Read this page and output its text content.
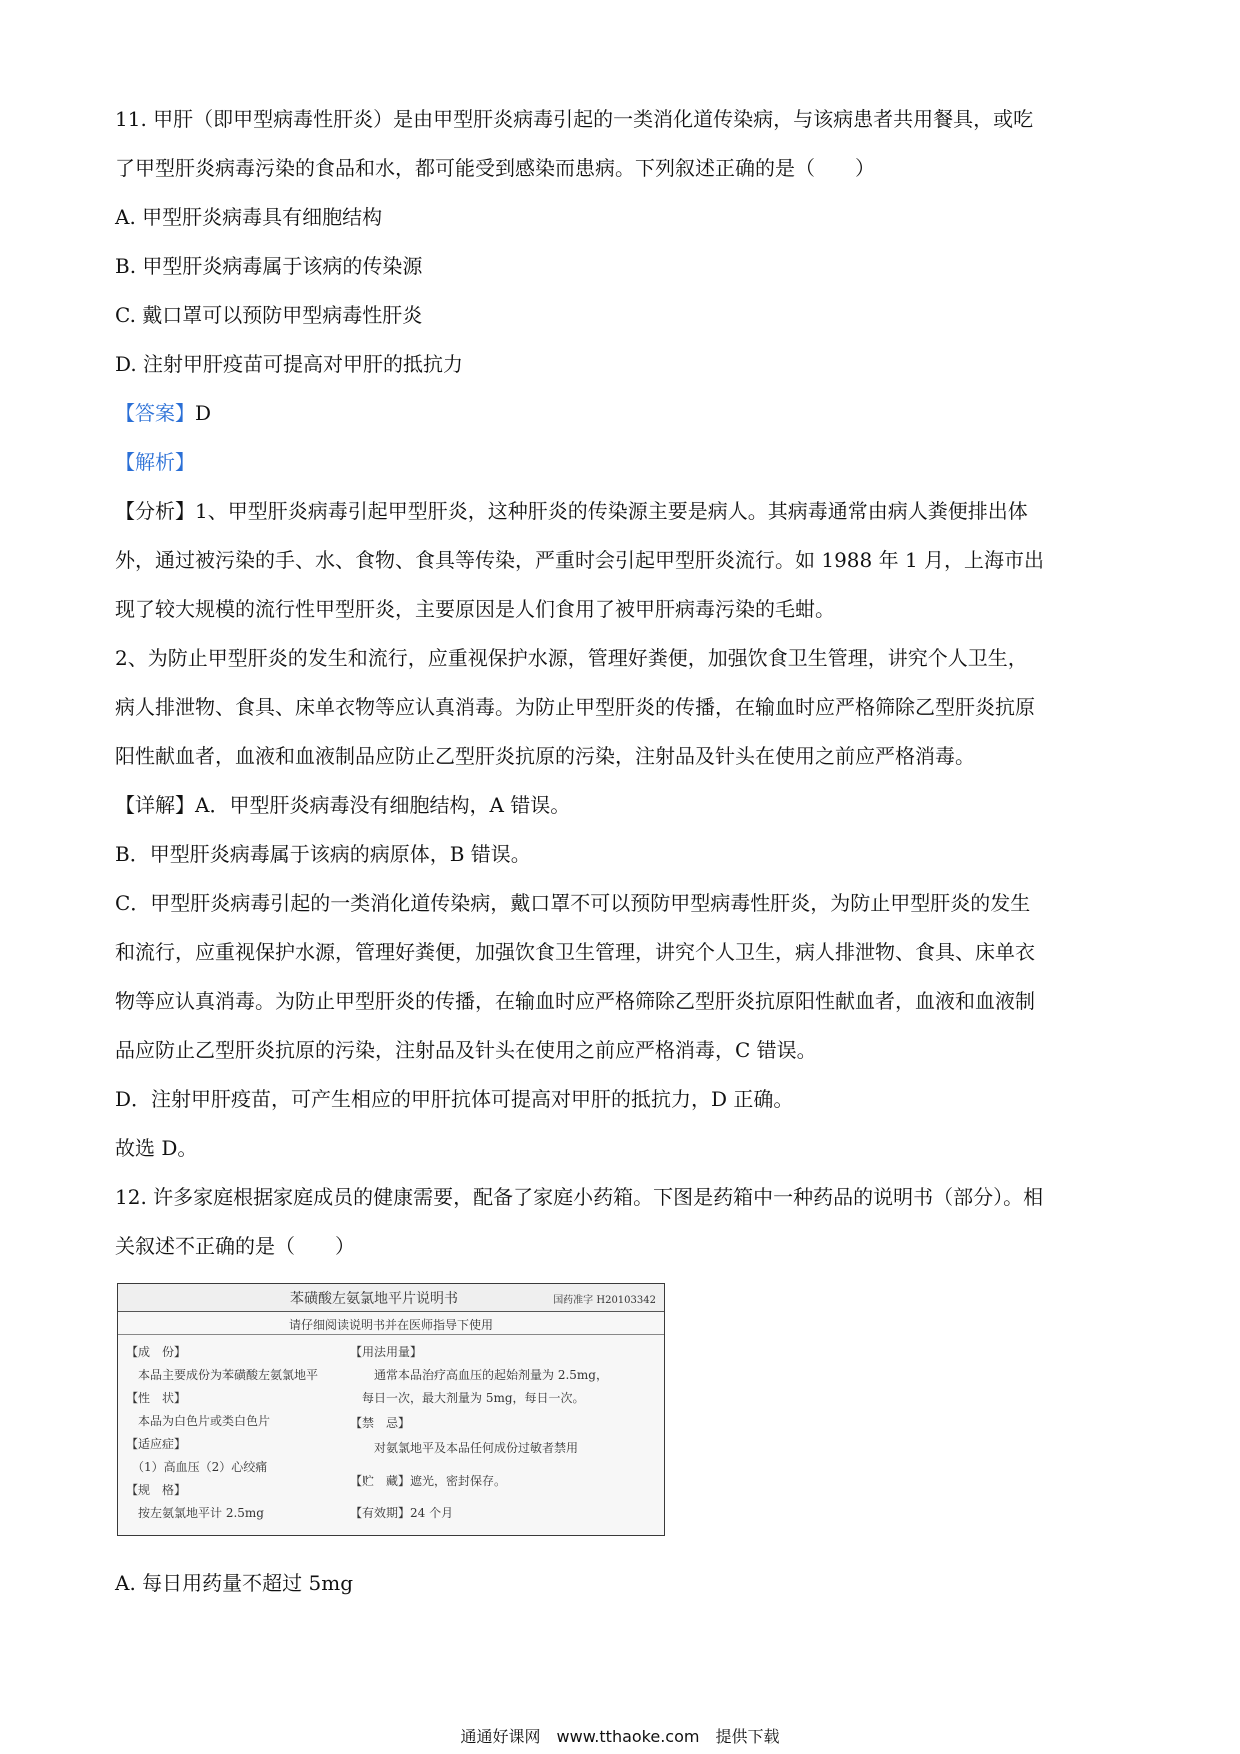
11. 甲肝（即甲型病毒性肝炎）是由甲型肝炎病毒引起的一类消化道传染病，与该病患者共用餐具，或吃

了甲型肝炎病毒污染的食品和水，都可能受到感染而患病。下列叙述正确的是（　　）

A. 甲型肝炎病毒具有细胞结构

B. 甲型肝炎病毒属于该病的传染源

C. 戴口罩可以预防甲型病毒性肝炎

D. 注射甲肝疫苗可提高对甲肝的抵抗力

【答案】D

【解析】

【分析】1、甲型肝炎病毒引起甲型肝炎，这种肝炎的传染源主要是病人。其病毒通常由病人粪便排出体

外，通过被污染的手、水、食物、食具等传染，严重时会引起甲型肝炎流行。如 1988 年 1 月，上海市出

现了较大规模的流行性甲型肝炎，主要原因是人们食用了被甲肝病毒污染的毛蚶。

2、为防止甲型肝炎的发生和流行，应重视保护水源，管理好粪便，加强饮食卫生管理，讲究个人卫生，

病人排泄物、食具、床单衣物等应认真消毒。为防止甲型肝炎的传播，在输血时应严格筛除乙型肝炎抗原

阳性献血者，血液和血液制品应防止乙型肝炎抗原的污染，注射品及针头在使用之前应严格消毒。

【详解】A．甲型肝炎病毒没有细胞结构，A 错误。

B．甲型肝炎病毒属于该病的病原体，B 错误。

C．甲型肝炎病毒引起的一类消化道传染病，戴口罩不可以预防甲型病毒性肝炎，为防止甲型肝炎的发生

和流行，应重视保护水源，管理好粪便，加强饮食卫生管理，讲究个人卫生，病人排泄物、食具、床单衣

物等应认真消毒。为防止甲型肝炎的传播，在输血时应严格筛除乙型肝炎抗原阳性献血者，血液和血液制

品应防止乙型肝炎抗原的污染，注射品及针头在使用之前应严格消毒，C 错误。

D．注射甲肝疫苗，可产生相应的甲肝抗体可提高对甲肝的抵抗力，D 正确。

故选 D。

12. 许多家庭根据家庭成员的健康需要，配备了家庭小药箱。下图是药箱中一种药品的说明书（部分）。相

关叙述不正确的是（　　）

苯磺酸左氨氯地平片说明书	国药准字 H20103342
请仔细阅读说明书并在医师指导下使用
【成　份】
　本品主要成份为苯磺酸左氨氯地平
【性　状】
　本品为白色片或类白色片
【适应症】
　（1）高血压（2）心绞痛
【规　格】
　按左氨氯地平计 2.5mg
【用法用量】
　　通常本品治疗高血压的起始剂量为 2.5mg，
　每日一次，最大剂量为 5mg，每日一次。
【禁　忌】
　　对氨氯地平及本品任何成份过敏者禁用
【贮　藏】遮光，密封保存。
【有效期】24 个月

A. 每日用药量不超过 5mg

通通好课网　www.tthaoke.com　提供下载
